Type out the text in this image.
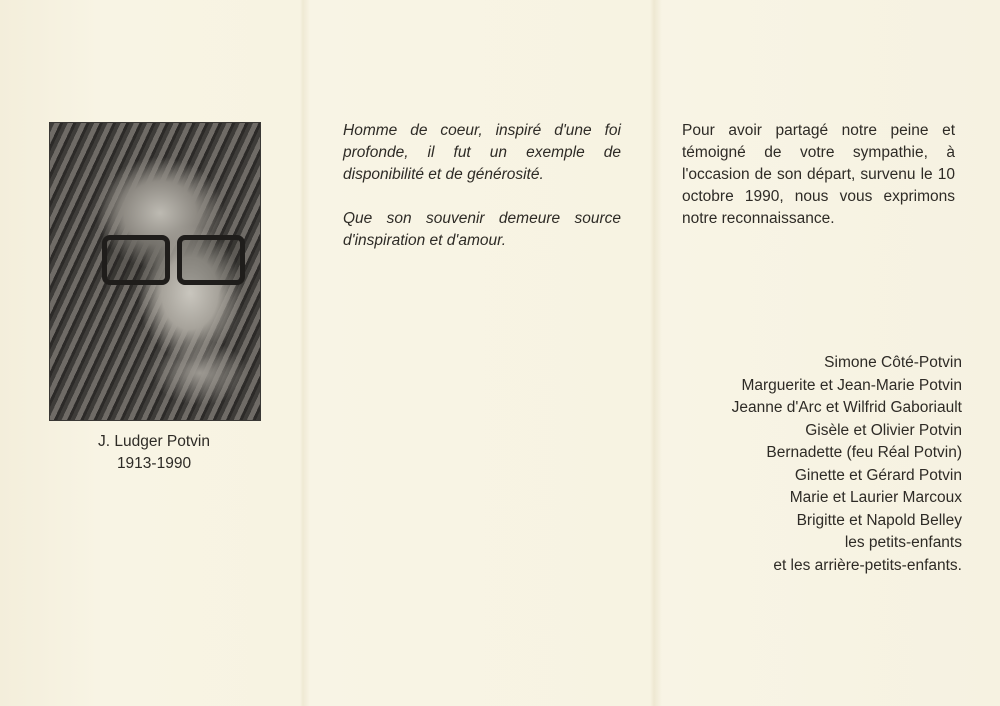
J. Ludger Potvin
1913-1990
Homme de coeur, inspiré d'une foi profonde, il fut un exemple de disponibilité et de générosité.
Que son souvenir demeure source d'inspiration et d'amour.
Pour avoir partagé notre peine et témoigné de votre sympathie, à l'occasion de son départ, survenu le 10 octobre 1990, nous vous exprimons notre reconnaissance.
Simone Côté-Potvin
Marguerite et Jean-Marie Potvin
Jeanne d'Arc et Wilfrid Gaboriault
Gisèle et Olivier Potvin
Bernadette (feu Réal Potvin)
Ginette et Gérard Potvin
Marie et Laurier Marcoux
Brigitte et Napold Belley
les petits-enfants
et les arrière-petits-enfants.
